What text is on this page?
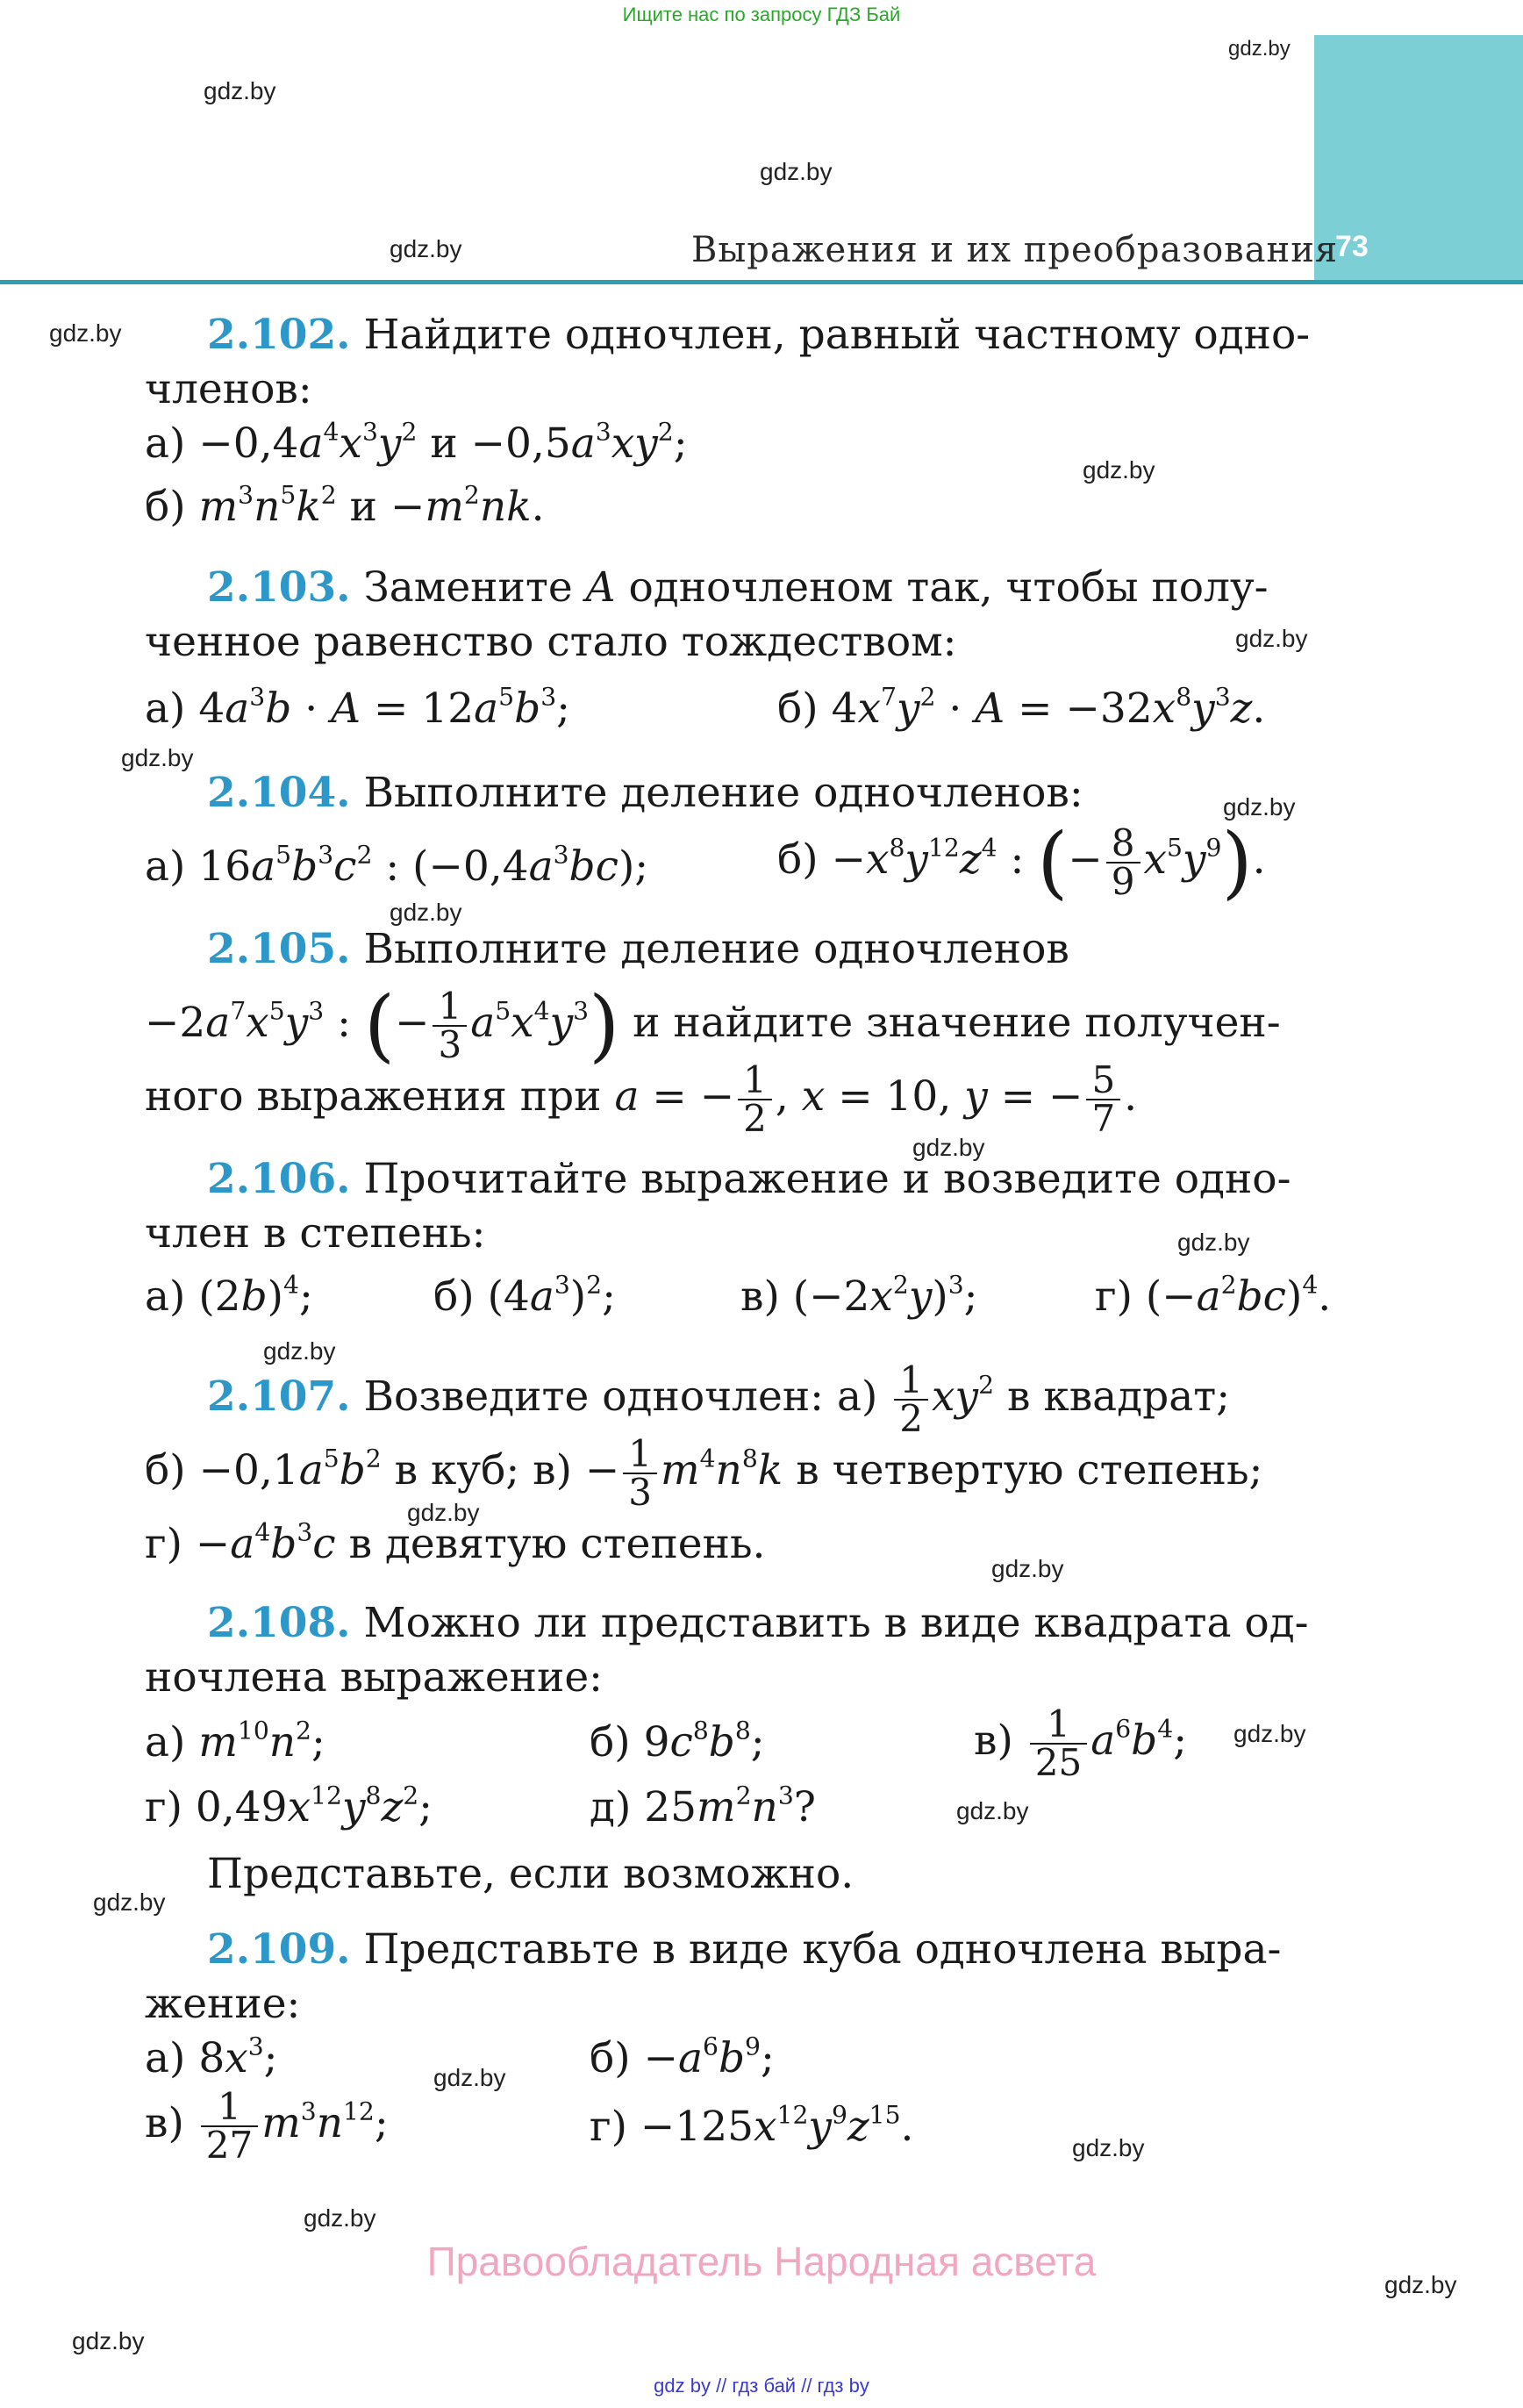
Ищите нас по запросу ГДЗ Бай
73
Выражения и их преобразования
gdz.by
gdz.by
gdz.by
gdz.by
gdz.by
gdz.by
gdz.by
gdz.by
gdz.by
gdz.by
gdz.by
gdz.by
gdz.by
gdz.by
gdz.by
gdz.by
gdz.by
gdz.by
gdz.by
gdz.by
gdz.by
gdz.by
gdz.by
2.102. Найдите одночлен, равный частному одно-
членов:
$а) -0,4a^4x^3y^2$ $и -0,5a^3xy^2$;
б) $m^3n^5k^2$ $и -m^2nk$.
2.103. Замените A одночленом так, чтобы полу-
ченное равенство стало тождеством:
а) $4a^3b \cdot A = 12a^5b^3$;	б) $4x^7y^2 \cdot A = -32x^8y^3z$.
2.104. Выполните деление одночленов:
а) $16a^5b^3c^2$ : $(-0,4a^3bc)$;	$б) -x^8y^{12}z^4$ : (− $\frac{8}{9} x^5y^9$).
2.105. Выполните деление одночленов
$-2a^7x^5y^3$ : (− $\frac{1}{3} a^5x^4y^3$) и найдите значение получен-
ного выражения при a = − $\frac{1}{2}$ , x = 10, y = − $\frac{5}{7}$ .
2.106. Прочитайте выражение и возведите одно-
член в степень:
а) $(2b)^4$;	б) $(4a^3)^2$;	в) $(-2x^2y)^3$;	г) $(-a^2bc)^4$.
2.107. Возведите одночлен: $а) \frac{1}{2} xy^2$ в квадрат;
$б) -0,1a^5b^2$ в куб; $в) - \frac{1}{3} m^4n^8k$ в четвертую степень;
$г) -a^4b^3c$ в девятую степень.
2.108. Можно ли представить в виде квадрата од-
ночлена выражение:
а) $m^{10}n^2$;	б) $9c^8b^8$;	$в) \frac{1}{25} a^6b^4$;
г) $0,49x^{12}y^8z^2$;	д) $25m^2n^3$?
Представьте, если возможно.
2.109. Представьте в виде куба одночлена выра-
жение:
а) $8x^3$;	$б) -a^6b^9$;
$в) \frac{1}{27} m^3n^{12}$;	$г) -125x^{12}y^9z^{15}$.
Правообладатель Народная асвета
gdz by // гдз бай // гдз by
